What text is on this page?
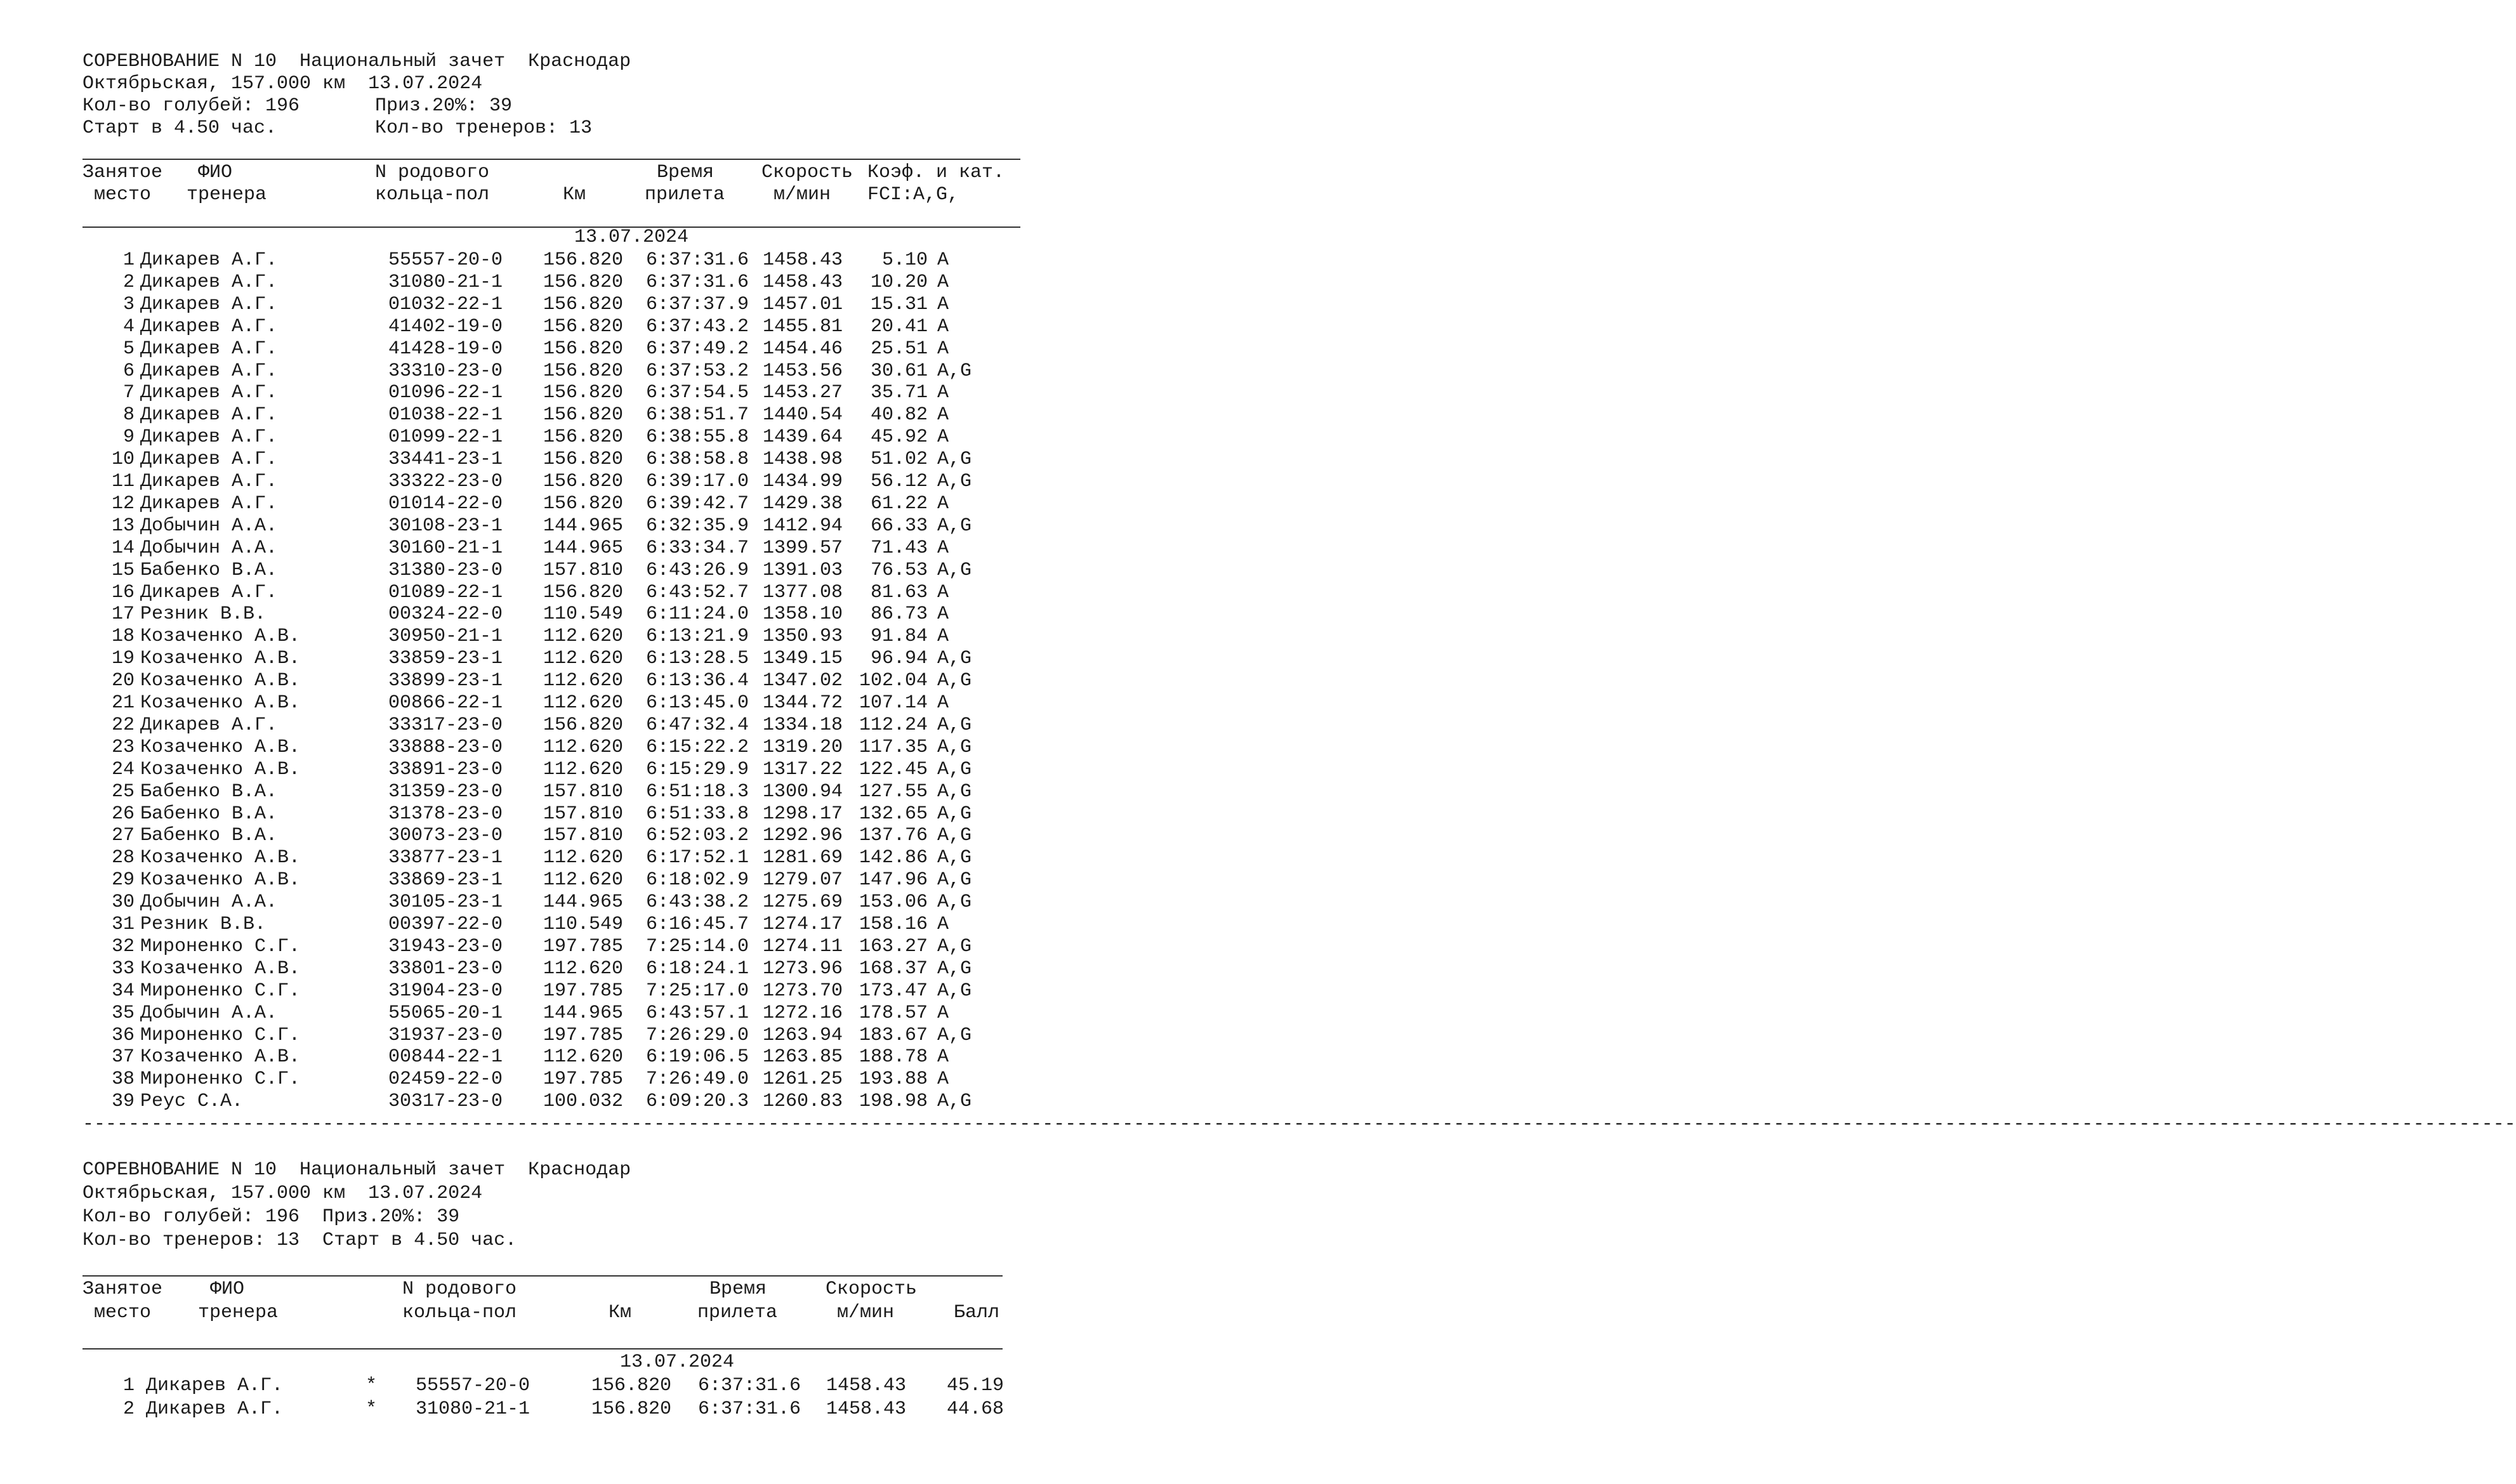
СОРЕВНОВАНИЕ N 10  Национальный зачет  Краснодар
Октябрьская, 157.000 км  13.07.2024
Кол-во голубей: 196	Приз.20%: 39
Старт в 4.50 час.	Кол-во тренеров: 13
Занятое
место
ФИО
тренера
N родового
кольца-пол	Км
Время
прилета
Скорость
м/мин
Коэф. и кат.
FCI:A,G,
13.07.2024
1 Дикарев А.Г.	55557-20-0	156.820 6:37:31.6 1458.43	5.10 A
2 Дикарев А.Г.	31080-21-1	156.820 6:37:31.6 1458.43	10.20 A
3 Дикарев А.Г.	01032-22-1	156.820 6:37:37.9 1457.01	15.31 A
4 Дикарев А.Г.	41402-19-0	156.820 6:37:43.2 1455.81	20.41 A
5 Дикарев А.Г.	41428-19-0	156.820 6:37:49.2 1454.46	25.51 A
6 Дикарев А.Г.	33310-23-0	156.820 6:37:53.2 1453.56	30.61 A,G
7 Дикарев А.Г.	01096-22-1	156.820 6:37:54.5 1453.27	35.71 A
8 Дикарев А.Г.	01038-22-1	156.820 6:38:51.7 1440.54	40.82 A
9 Дикарев А.Г.	01099-22-1	156.820 6:38:55.8 1439.64	45.92 A
10 Дикарев А.Г.	33441-23-1	156.820 6:38:58.8 1438.98	51.02 A,G
11 Дикарев А.Г.	33322-23-0	156.820 6:39:17.0 1434.99	56.12 A,G
12 Дикарев А.Г.	01014-22-0	156.820 6:39:42.7 1429.38	61.22 A
13 Добычин А.А.	30108-23-1	144.965 6:32:35.9 1412.94	66.33 A,G
14 Добычин А.А.	30160-21-1	144.965 6:33:34.7 1399.57	71.43 A
15 Бабенко В.А.	31380-23-0	157.810 6:43:26.9 1391.03	76.53 A,G
16 Дикарев А.Г.	01089-22-1	156.820 6:43:52.7 1377.08	81.63 A
17 Резник В.В.	00324-22-0	110.549 6:11:24.0 1358.10	86.73 A
18 Козаченко А.В.	30950-21-1	112.620 6:13:21.9 1350.93	91.84 A
19 Козаченко А.В.	33859-23-1	112.620 6:13:28.5 1349.15	96.94 A,G
20 Козаченко А.В.	33899-23-1	112.620 6:13:36.4 1347.02 102.04 A,G
21 Козаченко А.В.	00866-22-1	112.620 6:13:45.0 1344.72 107.14 A
22 Дикарев А.Г.	33317-23-0	156.820 6:47:32.4 1334.18 112.24 A,G
23 Козаченко А.В.	33888-23-0	112.620 6:15:22.2 1319.20 117.35 A,G
24 Козаченко А.В.	33891-23-0	112.620 6:15:29.9 1317.22 122.45 A,G
25 Бабенко В.А.	31359-23-0	157.810 6:51:18.3 1300.94 127.55 A,G
26 Бабенко В.А.	31378-23-0	157.810 6:51:33.8 1298.17 132.65 A,G
27 Бабенко В.А.	30073-23-0	157.810 6:52:03.2 1292.96 137.76 A,G
28 Козаченко А.В.	33877-23-1	112.620 6:17:52.1 1281.69 142.86 A,G
29 Козаченко А.В.	33869-23-1	112.620 6:18:02.9 1279.07 147.96 A,G
30 Добычин А.А.	30105-23-1	144.965 6:43:38.2 1275.69 153.06 A,G
31 Резник В.В.	00397-22-0	110.549 6:16:45.7 1274.17 158.16 A
32 Мироненко С.Г.	31943-23-0	197.785 7:25:14.0 1274.11 163.27 A,G
33 Козаченко А.В.	33801-23-0	112.620 6:18:24.1 1273.96 168.37 A,G
34 Мироненко С.Г.	31904-23-0	197.785 7:25:17.0 1273.70 173.47 A,G
35 Добычин А.А.	55065-20-1	144.965 6:43:57.1 1272.16 178.57 A
36 Мироненко С.Г.	31937-23-0	197.785 7:26:29.0 1263.94 183.67 A,G
37 Козаченко А.В.	00844-22-1	112.620 6:19:06.5 1263.85 188.78 A
38 Мироненко С.Г.	02459-22-0	197.785 7:26:49.0 1261.25 193.88 A
39 Реус С.А.	30317-23-0	100.032 6:09:20.3 1260.83 198.98 A,G
---------------------------------------------------------------------------------------------------------------------------------------------------------------------------------------------------------------------
СОРЕВНОВАНИЕ N 10  Национальный зачет  Краснодар
Октябрьская, 157.000 км  13.07.2024
Кол-во голубей: 196  Приз.20%: 39
Кол-во тренеров: 13  Старт в 4.50 час.
Занятое
место
ФИО
тренера
N родового
кольца-пол	Км
Время
прилета
Скорость
м/мин	Балл
13.07.2024
1 Дикарев А.Г.	* 55557-20-0	156.820 6:37:31.6 1458.43	45.19
2 Дикарев А.Г.	* 31080-21-1	156.820 6:37:31.6 1458.43	44.68
